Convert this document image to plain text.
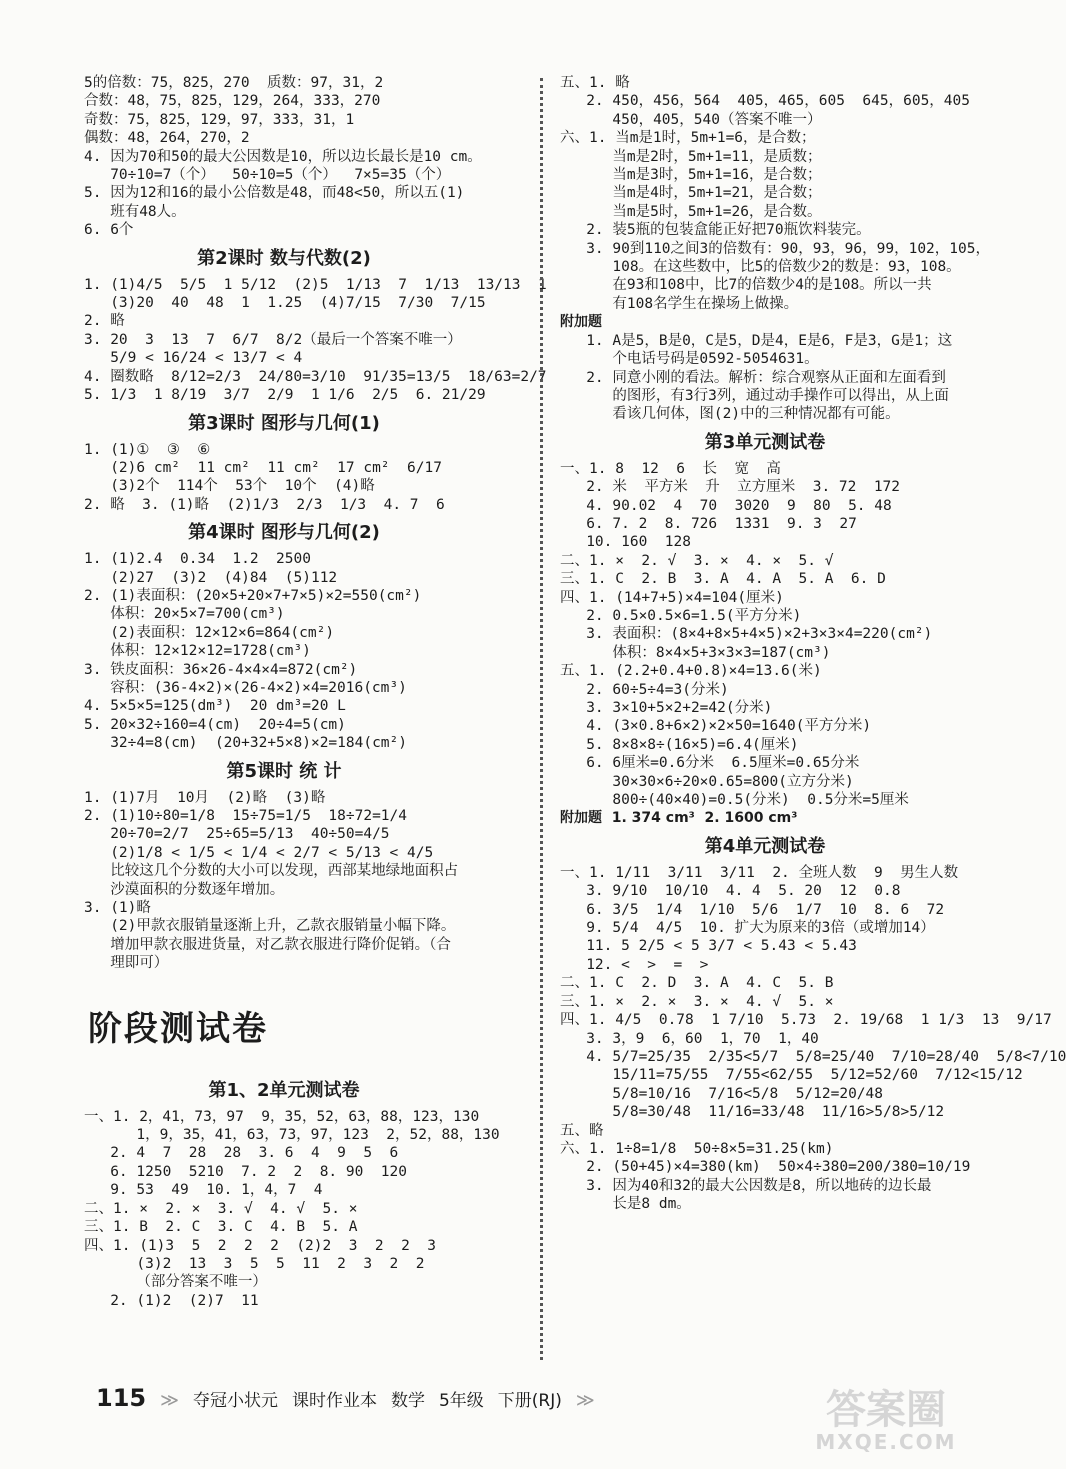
5的倍数：75，825，270  质数：97，31，2
合数：48，75，825，129，264，333，270
奇数：75，825，129，97，333，31，1
偶数：48，264，270，2
4. 因为70和50的最大公因数是10，所以边长最长是10 cm。
70÷10=7（个）  50÷10=5（个）  7×5=35（个）
5. 因为12和16的最小公倍数是48，而48<50，所以五(1)
班有48人。
6. 6个
第2课时 数与代数(2)
1. (1)4/5  5/5  1 5/12  (2)5  1/13  7  1/13  13/13  1
(3)20  40  48  1  1.25  (4)7/15  7/30  7/15
2. 略
3. 20  3  13  7  6/7  8/2（最后一个答案不唯一）
5/9 < 16/24 < 13/7 < 4
4. 圈数略  8/12=2/3  24/80=3/10  91/35=13/5  18/63=2/7
5. 1/3  1 8/19  3/7  2/9  1 1/6  2/5  6. 21/29
第3课时 图形与几何(1)
1. (1)①  ③  ⑥
(2)6 cm²  11 cm²  11 cm²  17 cm²  6/17
(3)2个  114个  53个  10个  (4)略
2. 略  3. (1)略  (2)1/3  2/3  1/3  4. 7  6
第4课时 图形与几何(2)
1. (1)2.4  0.34  1.2  2500
(2)27  (3)2  (4)84  (5)112
2. (1)表面积：(20×5+20×7+7×5)×2=550(cm²)
体积：20×5×7=700(cm³)
(2)表面积：12×12×6=864(cm²)
体积：12×12×12=1728(cm³)
3. 铁皮面积：36×26-4×4×4=872(cm²)
容积：(36-4×2)×(26-4×2)×4=2016(cm³)
4. 5×5×5=125(dm³)  20 dm³=20 L
5. 20×32÷160=4(cm)  20÷4=5(cm)
32÷4=8(cm)  (20+32+5×8)×2=184(cm²)
第5课时 统 计
1. (1)7月  10月  (2)略  (3)略
2. (1)10÷80=1/8  15÷75=1/5  18÷72=1/4
20÷70=2/7  25÷65=5/13  40÷50=4/5
(2)1/8 < 1/5 < 1/4 < 2/7 < 5/13 < 4/5
比较这几个分数的大小可以发现，西部某地绿地面积占
沙漠面积的分数逐年增加。
3. (1)略
(2)甲款衣服销量逐渐上升，乙款衣服销量小幅下降。
增加甲款衣服进货量，对乙款衣服进行降价促销。（合
理即可）
阶段测试卷
第1、2单元测试卷
一、1. 2，41，73，97  9，35，52，63，88，123，130
1，9，35，41，63，73，97，123  2，52，88，130
2. 4  7  28  28  3. 6  4  9  5  6
6. 1250  5210  7. 2  2  8. 90  120
9. 53  49  10. 1，4，7  4
二、1. ×  2. ×  3. √  4. √  5. ×
三、1. B  2. C  3. C  4. B  5. A
四、1. (1)3  5  2  2  2  (2)2  3  2  2  3
(3)2  13  3  5  5  11  2  3  2  2
（部分答案不唯一）
2. (1)2  (2)7  11
五、1. 略
2. 450，456，564  405，465，605  645，605，405
450，405，540（答案不唯一）
六、1. 当m是1时，5m+1=6，是合数；
当m是2时，5m+1=11，是质数；
当m是3时，5m+1=16，是合数；
当m是4时，5m+1=21，是合数；
当m是5时，5m+1=26，是合数。
2. 装5瓶的包装盒能正好把70瓶饮料装完。
3. 90到110之间3的倍数有：90，93，96，99，102，105，
108。在这些数中，比5的倍数少2的数是：93，108。
在93和108中，比7的倍数少4的是108。所以一共
有108名学生在操场上做操。
附加题
1. A是5，B是0，C是5，D是4，E是6，F是3，G是1；这
个电话号码是0592-5054631。
2. 同意小刚的看法。解析：综合观察从正面和左面看到
的图形，有3行3列，通过动手操作可以得出，从上面
看该几何体，图(2)中的三种情况都有可能。
第3单元测试卷
一、1. 8  12  6  长  宽  高
2. 米  平方米  升  立方厘米  3. 72  172
4. 90.02  4  70  3020  9  80  5. 48
6. 7. 2  8. 726  1331  9. 3  27
10. 160  128
二、1. ×  2. √  3. ×  4. ×  5. √
三、1. C  2. B  3. A  4. A  5. A  6. D
四、1. (14+7+5)×4=104(厘米)
2. 0.5×0.5×6=1.5(平方分米)
3. 表面积：(8×4+8×5+4×5)×2+3×3×4=220(cm²)
体积：8×4×5+3×3×3=187(cm³)
五、1. (2.2+0.4+0.8)×4=13.6(米)
2. 60÷5÷4=3(分米)
3. 3×10+5×2+2=42(分米)
4. (3×0.8+6×2)×2×50=1640(平方分米)
5. 8×8×8÷(16×5)=6.4(厘米)
6. 6厘米=0.6分米  6.5厘米=0.65分米
30×30×6÷20×0.65=800(立方分米)
800÷(40×40)=0.5(分米)  0.5分米=5厘米
附加题  1. 374 cm³  2. 1600 cm³
第4单元测试卷
一、1. 1/11  3/11  3/11  2. 全班人数  9  男生人数
3. 9/10  10/10  4. 4  5. 20  12  0.8
6. 3/5  1/4  1/10  5/6  1/7  10  8. 6  72
9. 5/4  4/5  10. 扩大为原来的3倍（或增加14）
11. 5 2/5 < 5 3/7 < 5.43 < 5.43
12. <  >  =  >
二、1. C  2. D  3. A  4. C  5. B
三、1. ×  2. ×  3. ×  4. √  5. ×
四、1. 4/5  0.78  1 7/10  5.73  2. 19/68  1 1/3  13  9/17
3. 3，9  6，60  1，70  1，40
4. 5/7=25/35  2/35<5/7  5/8=25/40  7/10=28/40  5/8<7/10
15/11=75/55  7/55<62/55  5/12=52/60  7/12<15/12
5/8=10/16  7/16<5/8  5/12=20/48
5/8=30/48  11/16=33/48  11/16>5/8>5/12
五、略
六、1. 1÷8=1/8  50÷8×5=31.25(km)
2. (50+45)×4=380(km)  50×4÷380=200/380=10/19
3. 因为40和32的最大公因数是8，所以地砖的边长最
长是8 dm。
115 ≫ 夺冠小状元 课时作业本 数学 5年级 下册(RJ) ≫	答案圈
MXQE.COM
